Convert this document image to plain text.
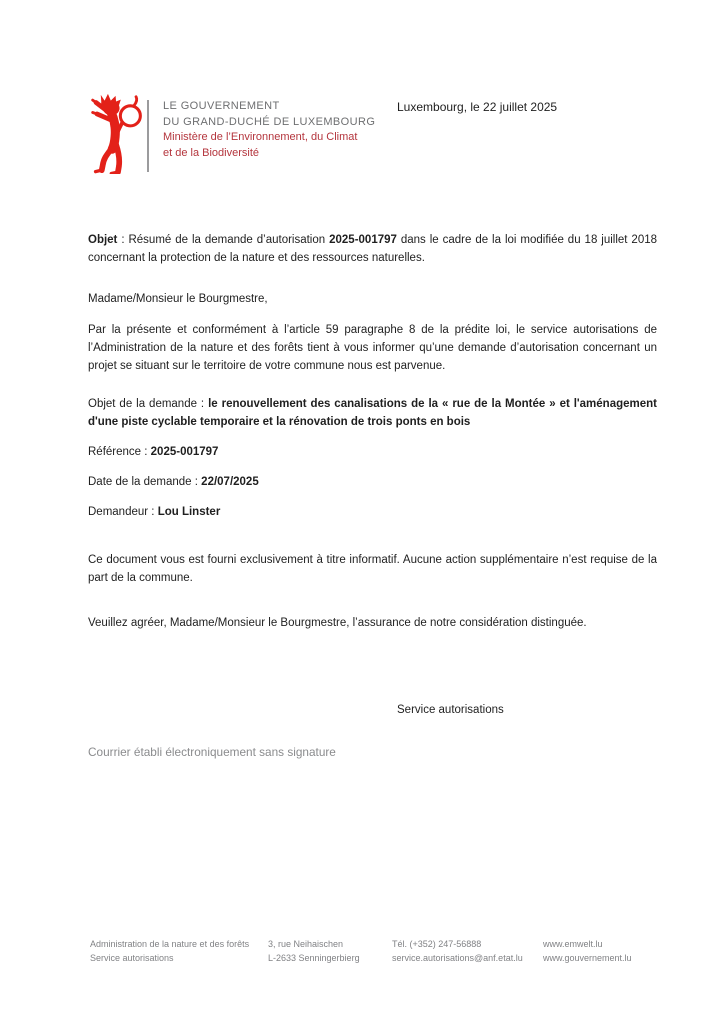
LE GOUVERNEMENT
DU GRAND-DUCHÉ DE LUXEMBOURG
Ministère de l’Environnement, du Climat
et de la Biodiversité
Luxembourg, le 22 juillet 2025
Objet : Résumé de la demande d’autorisation 2025-001797 dans le cadre de la loi modifiée du 18 juillet 2018 concernant la protection de la nature et des ressources naturelles.
Madame/Monsieur le Bourgmestre,
Par la présente et conformément à l’article 59 paragraphe 8 de la prédite loi, le service autorisations de l’Administration de la nature et des forêts tient à vous informer qu’une demande d’autorisation concernant un projet se situant sur le territoire de votre commune nous est parvenue.
Objet de la demande : le renouvellement des canalisations de la « rue de la Montée » et l'aménagement d'une piste cyclable temporaire et la rénovation de trois ponts en bois
Référence : 2025-001797
Date de la demande : 22/07/2025
Demandeur : Lou Linster
Ce document vous est fourni exclusivement à titre informatif. Aucune action supplémentaire n’est requise de la part de la commune.
Veuillez agréer, Madame/Monsieur le Bourgmestre, l’assurance de notre considération distinguée.
Service autorisations
Courrier établi électroniquement sans signature
Administration de la nature et des forêts
Service autorisations
3, rue Neihaischen
L-2633 Senningerbierg
Tél. (+352) 247-56888
service.autorisations@anf.etat.lu
www.emwelt.lu
www.gouvernement.lu
